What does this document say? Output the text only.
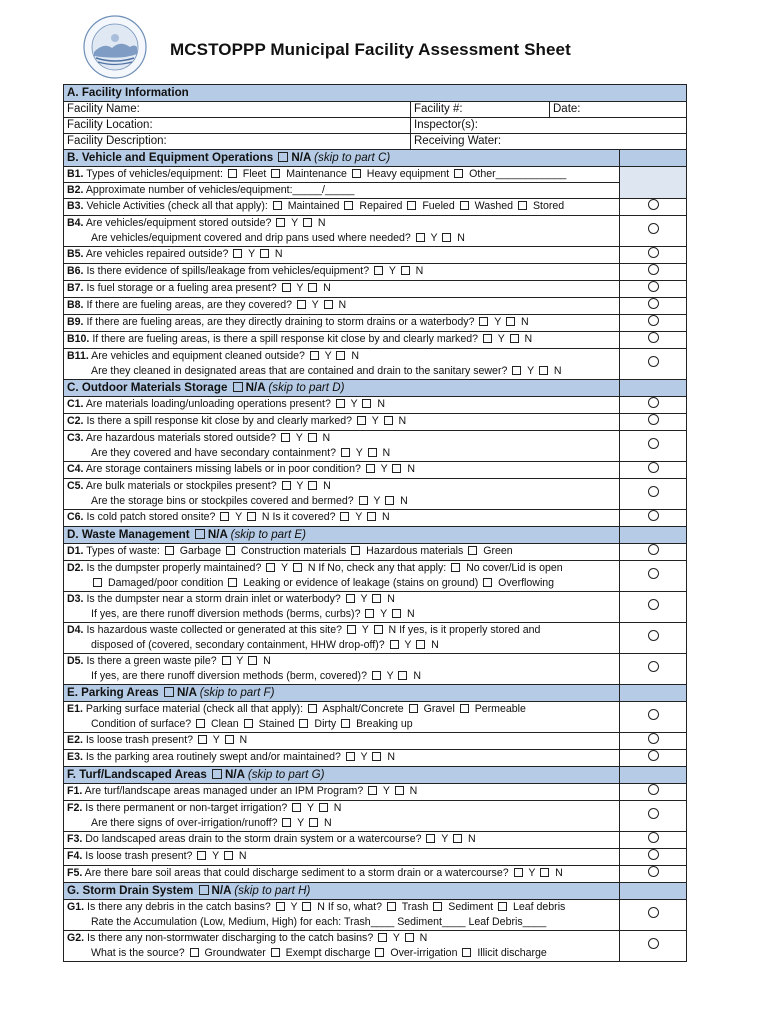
MCSTOPPP Municipal Facility Assessment Sheet
A. Facility Information			
Facility Name:	Facility #:	Date:	
Facility Location:	Inspector(s):		
Facility Description:	Receiving Water:		
B. Vehicle and Equipment Operations N/A (skip to part C)			
B1. Types of vehicles/equipment:  Fleet  Maintenance  Heavy equipment  Other____________			
B2. Approximate number of vehicles/equipment:_____/_____			
B3. Vehicle Activities (check all that apply):  Maintained  Repaired  Fueled  Washed  Stored			
B4. Are vehicles/equipment stored outside?  Y  N
Are vehicles/equipment covered and drip pans used where needed?  Y  N			

B5. Are vehicles repaired outside?  Y  N			
B6. Is there evidence of spills/leakage from vehicles/equipment?  Y  N			
B7. Is fuel storage or a fueling area present?  Y  N			
B8. If there are fueling areas, are they covered?  Y  N			
B9. If there are fueling areas, are they directly draining to storm drains or a waterbody?  Y  N			
B10. If there are fueling areas, is there a spill response kit close by and clearly marked?  Y  N			
B11. Are vehicles and equipment cleaned outside?  Y  N
Are they cleaned in designated areas that are contained and drain to the sanitary sewer?  Y  N			

C. Outdoor Materials Storage N/A (skip to part D)			
C1. Are materials loading/unloading operations present?  Y  N			
C2. Is there a spill response kit close by and clearly marked?  Y  N			
C3. Are hazardous materials stored outside?  Y  N
Are they covered and have secondary containment?  Y  N			

C4. Are storage containers missing labels or in poor condition?  Y  N			
C5. Are bulk materials or stockpiles present?  Y  N
Are the storage bins or stockpiles covered and bermed?  Y  N			

C6. Is cold patch stored onsite?  Y  N Is it covered?  Y  N			
D. Waste Management N/A (skip to part E)			
D1. Types of waste:  Garbage  Construction materials  Hazardous materials  Green			
D2. Is the dumpster properly maintained?  Y  N If No, check any that apply:  No cover/Lid is open
Damaged/poor condition  Leaking or evidence of leakage (stains on ground)  Overflowing			

D3. Is the dumpster near a storm drain inlet or waterbody?  Y  N
If yes, are there runoff diversion methods (berms, curbs)?  Y  N			

D4. Is hazardous waste collected or generated at this site?  Y  N If yes, is it properly stored and
disposed of (covered, secondary containment, HHW drop-off)?  Y  N			

D5. Is there a green waste pile?  Y  N
If yes, are there runoff diversion methods (berm, covered)?  Y  N			

E. Parking Areas N/A (skip to part F)			
E1. Parking surface material (check all that apply):  Asphalt/Concrete  Gravel  Permeable
Condition of surface?  Clean  Stained  Dirty  Breaking up			

E2. Is loose trash present?  Y  N			
E3. Is the parking area routinely swept and/or maintained?  Y  N			
F. Turf/Landscaped Areas N/A (skip to part G)			
F1. Are turf/landscape areas managed under an IPM Program?  Y  N			
F2. Is there permanent or non-target irrigation?  Y  N
Are there signs of over-irrigation/runoff?  Y  N			

F3. Do landscaped areas drain to the storm drain system or a watercourse?  Y  N			
F4. Is loose trash present?  Y  N			
F5. Are there bare soil areas that could discharge sediment to a storm drain or a watercourse?  Y  N			
G. Storm Drain System N/A (skip to part H)			
G1. Is there any debris in the catch basins?  Y  N If so, what?  Trash  Sediment  Leaf debris
Rate the Accumulation (Low, Medium, High) for each: Trash____ Sediment____ Leaf Debris____			

G2. Is there any non-stormwater discharging to the catch basins?  Y  N
What is the source?  Groundwater  Exempt discharge  Over-irrigation  Illicit discharge			
